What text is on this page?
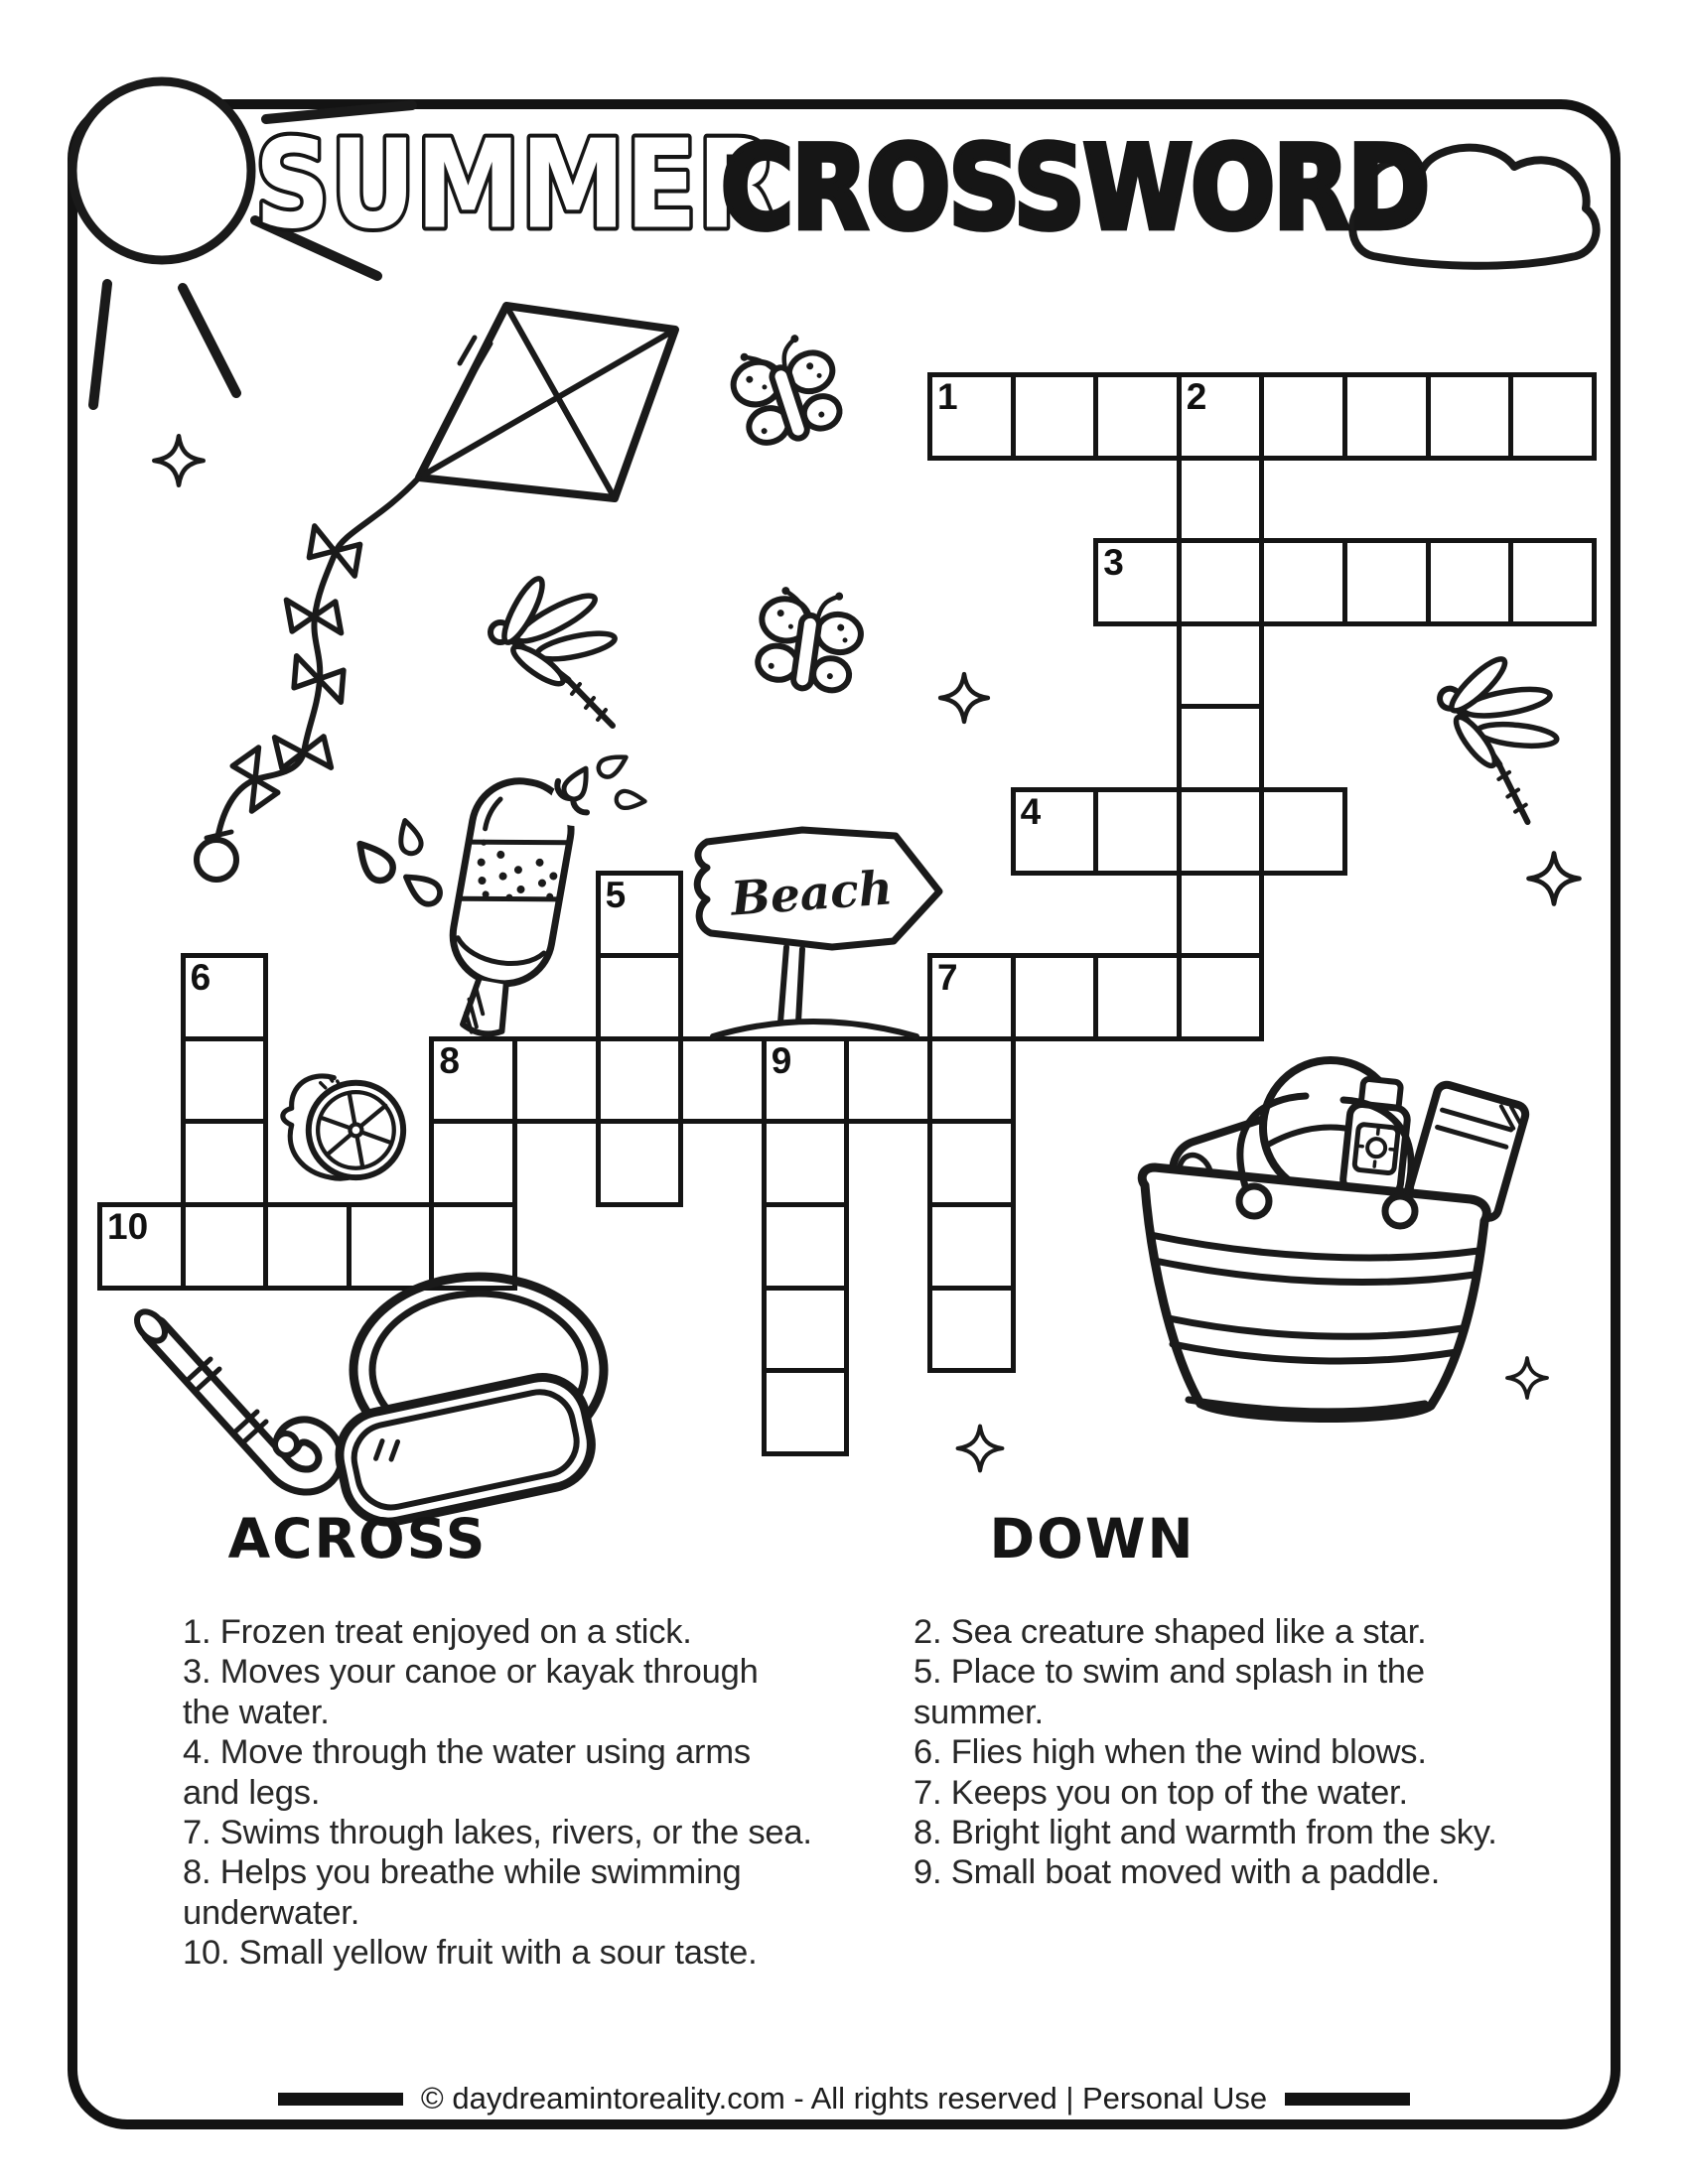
SUMMER
CROSSWORD
1	2
3
4
5
6	7
8	9
10
Beach
ACROSS	DOWN
1. Frozen treat enjoyed on a stick.
3. Moves your canoe or kayak through
the water.
4. Move through the water using arms
and legs.
7. Swims through lakes, rivers, or the sea.
8. Helps you breathe while swimming
underwater.
10. Small yellow fruit with a sour taste.
2. Sea creature shaped like a star.
5. Place to swim and splash in the
summer.
6. Flies high when the wind blows.
7. Keeps you on top of the water.
8. Bright light and warmth from the sky.
9. Small boat moved with a paddle.
© daydreamintoreality.com - All rights reserved | Personal Use
